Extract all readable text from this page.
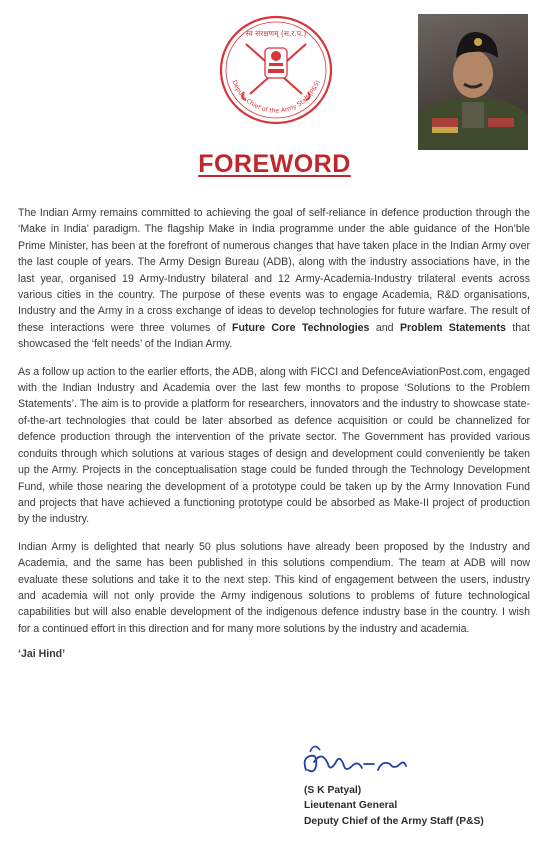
स्व संरक्षणम् (स.र.प.)
Deputy Chief of the Army Staff (P&S)
FOREWORD

The Indian Army remains committed to achieving the goal of self-reliance in defence production through the ‘Make in India’ paradigm. The flagship Make in India programme under the able guidance of the Hon’ble Prime Minister, has been at the forefront of numerous changes that have taken place in the Indian Army over the last couple of years. The Army Design Bureau (ADB), along with the industry associations have, in the last year, organised 19 Army-Industry bilateral and 12 Army-Academia-Industry trilateral events across various cities in the country. The purpose of these events was to engage Academia, R&D organisations, Industry and the Army in a cross exchange of ideas to develop technologies for future warfare. The result of these interactions were three volumes of Future Core Technologies and Problem Statements that showcased the ‘felt needs’ of the Indian Army.

As a follow up action to the earlier efforts, the ADB, along with FICCI and DefenceAviationPost.com, engaged with the Indian Industry and Academia over the last few months to propose ‘Solutions to the Problem Statements’. The aim is to provide a platform for researchers, innovators and the industry to showcase state-of-the-art technologies that could be later absorbed as defence acquisition or could be channelized for defence production through the intervention of the private sector. The Government has provided various conduits through which solutions at various stages of design and development could conveniently be taken up the Army. Projects in the conceptualisation stage could be funded through the Technology Development Fund, while those nearing the development of a prototype could be taken up by the Army Innovation Fund and projects that have achieved a functioning prototype could be absorbed as Make-II project of production by the industry.

Indian Army is delighted that nearly 50 plus solutions have already been proposed by the Industry and Academia, and the same has been published in this solutions compendium. The team at ADB will now evaluate these solutions and take it to the next step. This kind of engagement between the users, industry and academia will not only provide the Army indigenous solutions to problems of future technological capabilities but will also enable development of the indigenous defence industry base in the country. I wish for a continued effort in this direction and for many more solutions by the industry and academia.

‘Jai Hind’

(S K Patyal)
Lieutenant General
Deputy Chief of the Army Staff (P&S)
